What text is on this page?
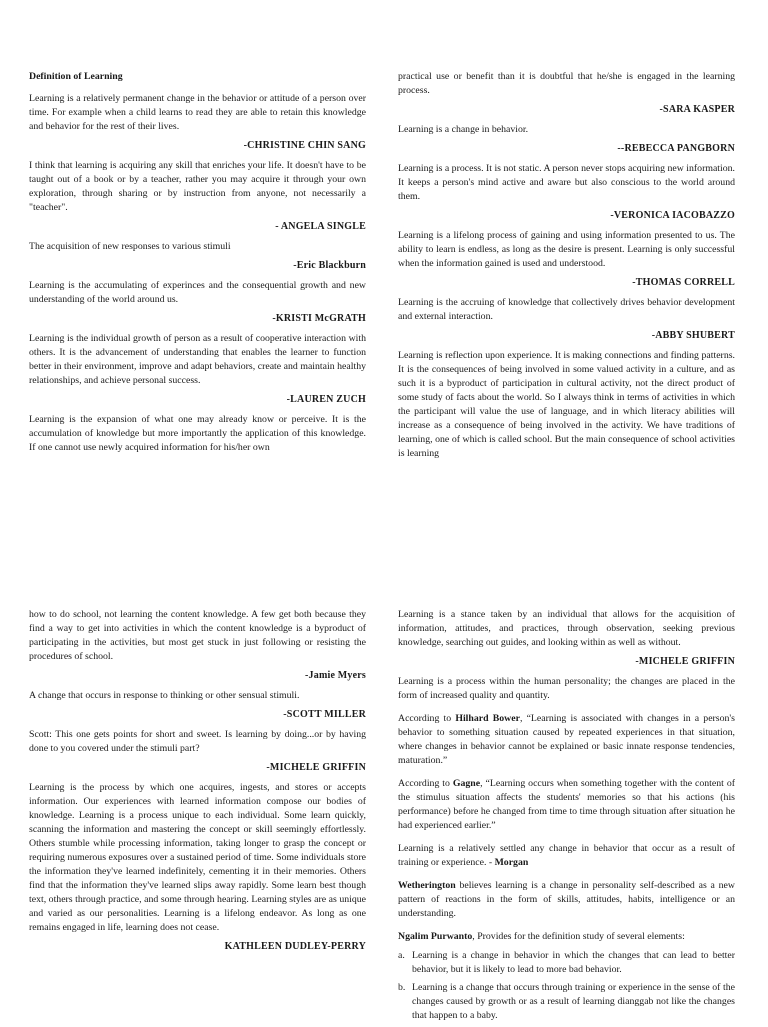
Definition of Learning
Learning is a relatively permanent change in the behavior or attitude of a person over time. For example when a child learns to read they are able to retain this knowledge and behavior for the rest of their lives.
-CHRISTINE CHIN SANG
I think that learning is acquiring any skill that enriches your life. It doesn't have to be taught out of a book or by a teacher, rather you may acquire it through your own exploration, through sharing or by instruction from anyone, not necessarily a "teacher".
- ANGELA SINGLE
The acquisition of new responses to various stimuli
-Eric Blackburn
Learning is the accumulating of experinces and the consequential growth and new understanding of the world around us.
-KRISTI McGRATH
Learning is the individual growth of person as a result of cooperative interaction with others. It is the advancement of understanding that enables the learner to function better in their environment, improve and adapt behaviors, create and maintain healthy relationships, and achieve personal success.
-LAUREN ZUCH
Learning is the expansion of what one may already know or perceive. It is the accumulation of knowledge but more importantly the application of this knowledge. If one cannot use newly acquired information for his/her own
practical use or benefit than it is doubtful that he/she is engaged in the learning process.
-SARA KASPER
Learning is a change in behavior.
--REBECCA PANGBORN
Learning is a process. It is not static. A person never stops acquiring new information. It keeps a person's mind active and aware but also conscious to the world around them.
-VERONICA IACOBAZZO
Learning is a lifelong process of gaining and using information presented to us. The ability to learn is endless, as long as the desire is present. Learning is only successful when the information gained is used and understood.
-THOMAS CORRELL
Learning is the accruing of knowledge that collectively drives behavior development and external interaction.
-ABBY SHUBERT
Learning is reflection upon experience. It is making connections and finding patterns. It is the consequences of being involved in some valued activity in a culture, and as such it is a byproduct of participation in cultural activity, not the direct product of some study of facts about the world. So I always think in terms of activities in which the participant will value the use of language, and in which literacy abilities will increase as a consequence of being involved in the activity. We have traditions of learning, one of which is called school. But the main consequence of school activities is learning
how to do school, not learning the content knowledge. A few get both because they find a way to get into activities in which the content knowledge is a byproduct of participating in the activities, but most get stuck in just following or resisting the procedures of school.
-Jamie Myers
A change that occurs in response to thinking or other sensual stimuli.
-SCOTT MILLER
Scott: This one gets points for short and sweet. Is learning by doing...or by having done to you covered under the stimuli part?
-MICHELE GRIFFIN
Learning is the process by which one acquires, ingests, and stores or accepts information. Our experiences with learned information compose our bodies of knowledge. Learning is a process unique to each individual. Some learn quickly, scanning the information and mastering the concept or skill seemingly effortlessly. Others stumble while processing information, taking longer to grasp the concept or requiring numerous exposures over a sustained period of time. Some individuals store the information they've learned indefinitely, cementing it in their memories. Others find that the information they've learned slips away rapidly. Some learn best though text, others through practice, and some through hearing. Learning styles are as unique and varied as our personalities. Learning is a lifelong endeavor. As long as one remains engaged in life, learning does not cease.
KATHLEEN DUDLEY-PERRY
Learning is a stance taken by an individual that allows for the acquisition of information, attitudes, and practices, through observation, seeking previous knowledge, searching out guides, and looking within as well as without.
-MICHELE GRIFFIN
Learning is a process within the human personality; the changes are placed in the form of increased quality and quantity.
According to Hilhard Bower, “Learning is associated with changes in a person's behavior to something situation caused by repeated experiences in that situation, where changes in behavior cannot be explained or basic innate response tendencies, maturation.”
According to Gagne, “Learning occurs when something together with the content of the stimulus situation affects the students' memories so that his actions (his performance) before he changed from time to time through situation after situation he had experienced earlier.”
Learning is a relatively settled any change in behavior that occur as a result of training or experience. - Morgan
Wetherington believes learning is a change in personality self-described as a new pattern of reactions in the form of skills, attitudes, habits, intelligence or an understanding.
Ngalim Purwanto, Provides for the definition study of several elements:
a. Learning is a change in behavior in which the changes that can lead to better behavior, but it is likely to lead to more bad behavior.
b. Learning is a change that occurs through training or experience in the sense of the changes caused by growth or as a result of learning dianggab not like the changes that happen to a baby.
